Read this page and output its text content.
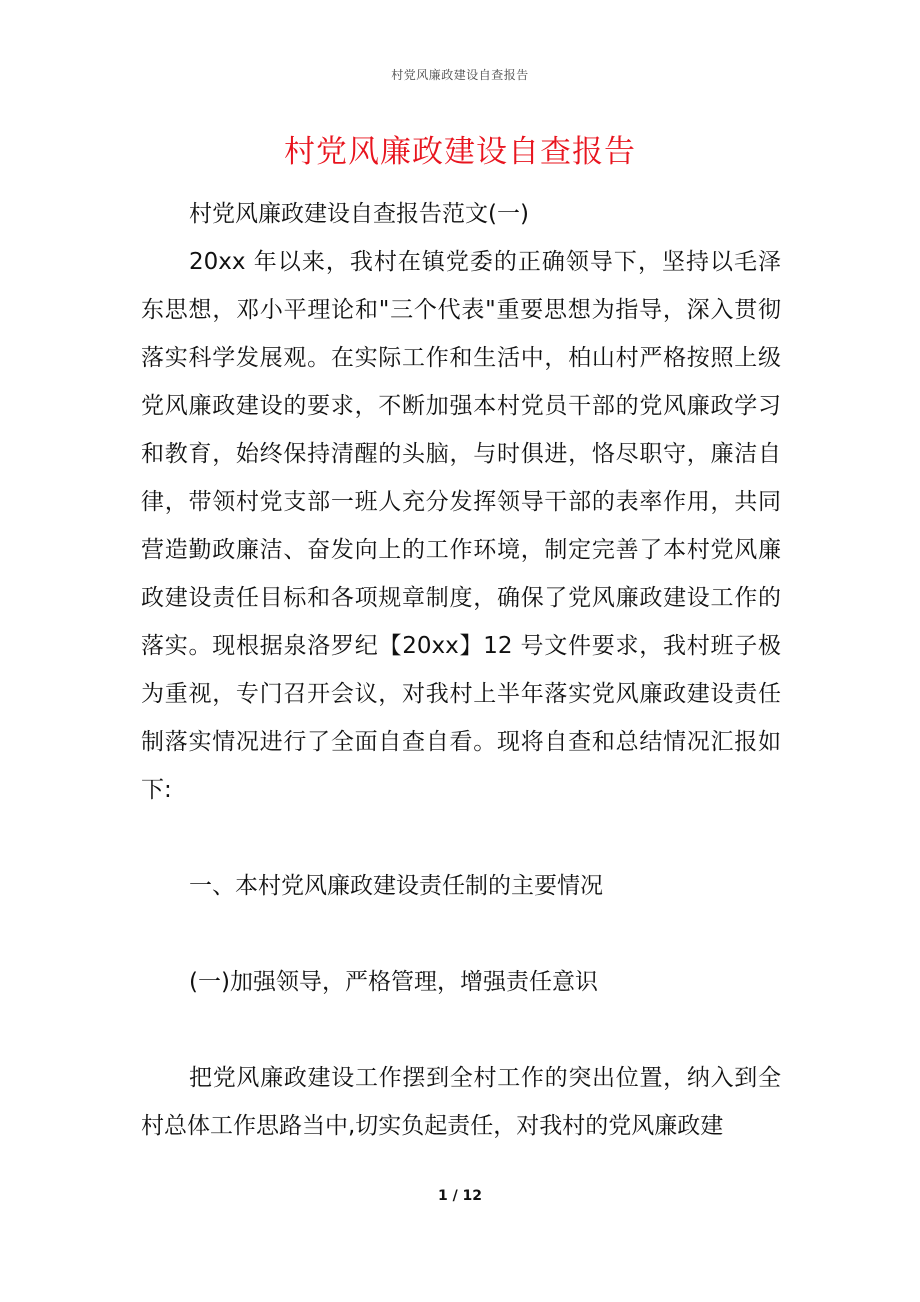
村党风廉政建设自查报告
村党风廉政建设自查报告

村党风廉政建设自查报告范文(一)

20xx 年以来，我村在镇党委的正确领导下，坚持以毛泽东思想，邓小平理论和"三个代表"重要思想为指导，深入贯彻落实科学发展观。在实际工作和生活中，柏山村严格按照上级党风廉政建设的要求，不断加强本村党员干部的党风廉政学习和教育，始终保持清醒的头脑，与时俱进，恪尽职守，廉洁自律，带领村党支部一班人充分发挥领导干部的表率作用，共同营造勤政廉洁、奋发向上的工作环境，制定完善了本村党风廉政建设责任目标和各项规章制度，确保了党风廉政建设工作的落实。现根据泉洛罗纪【20xx】12 号文件要求，我村班子极为重视，专门召开会议，对我村上半年落实党风廉政建设责任制落实情况进行了全面自查自看。现将自查和总结情况汇报如下:

一、本村党风廉政建设责任制的主要情况

(一)加强领导，严格管理，增强责任意识

把党风廉政建设工作摆到全村工作的突出位置，纳入到全村总体工作思路当中,切实负起责任，对我村的党风廉政建

1 / 12
